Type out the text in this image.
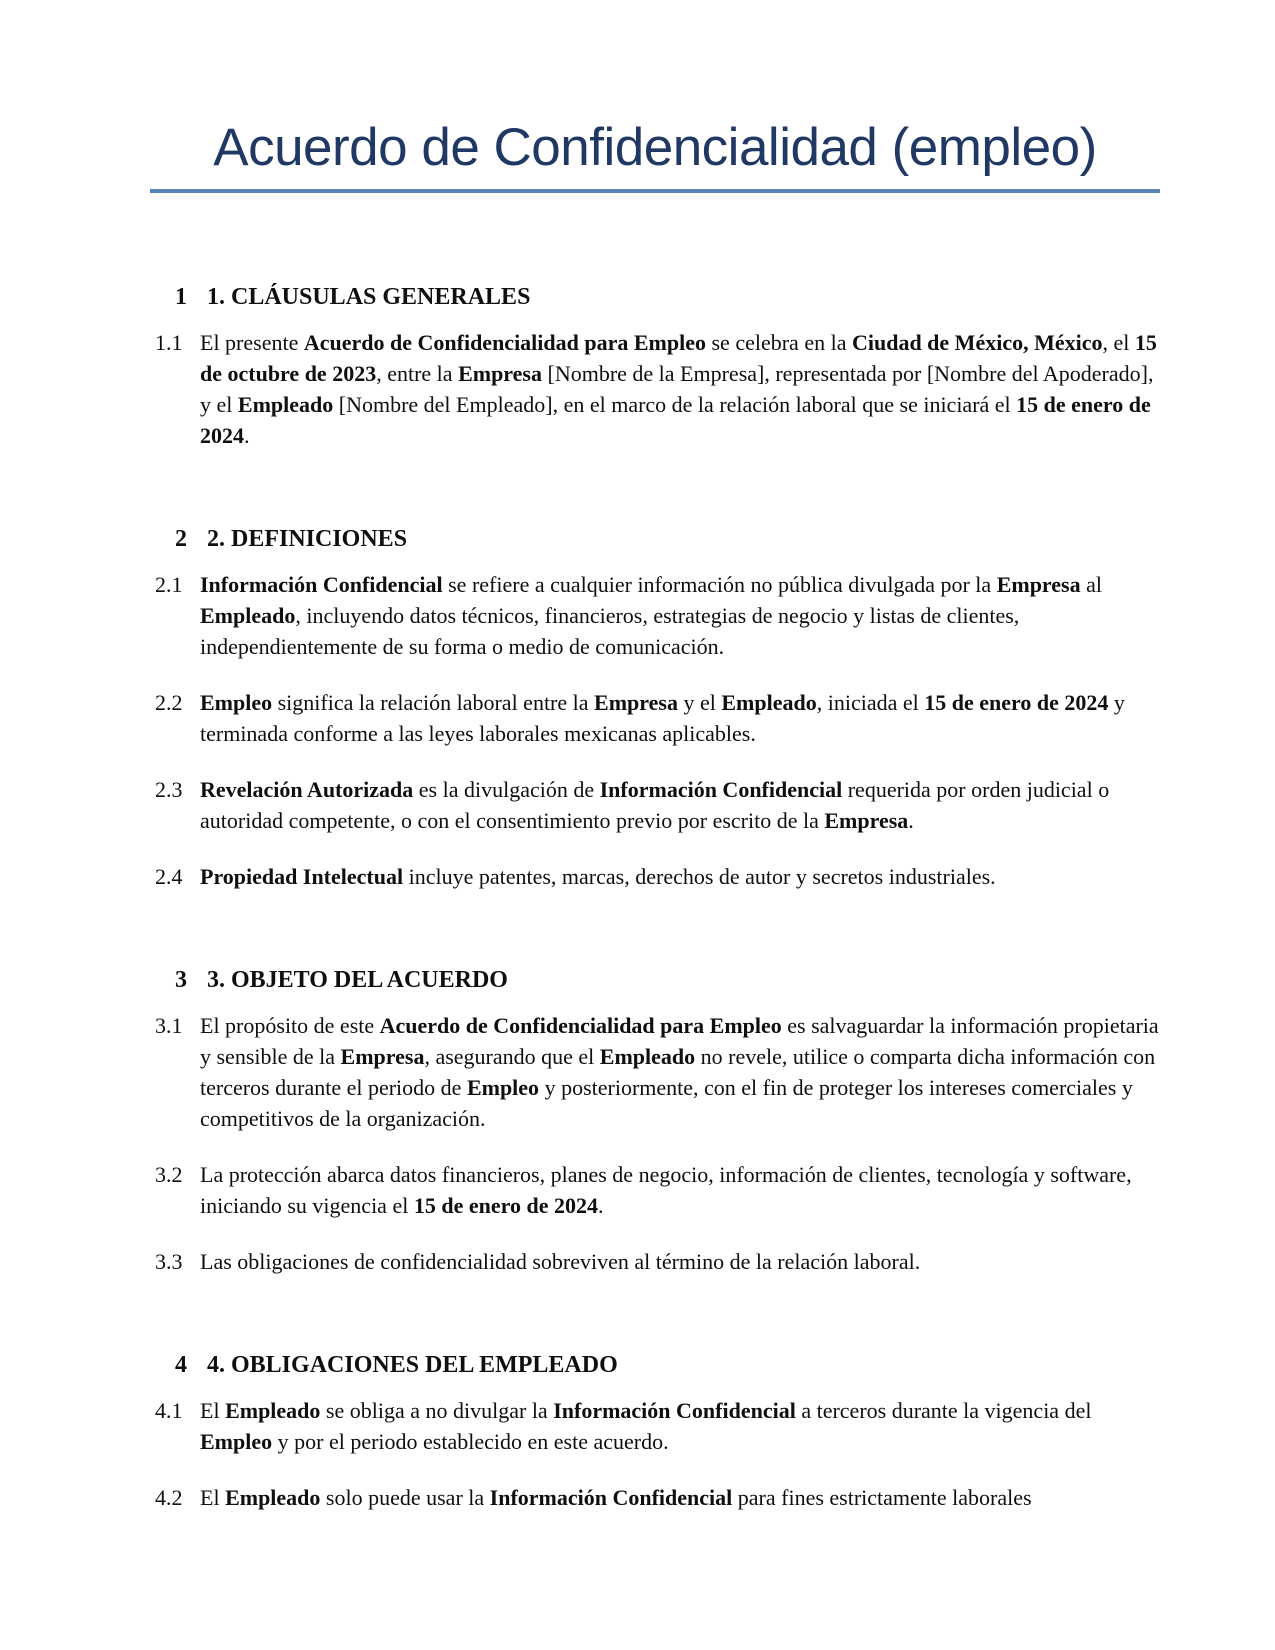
Acuerdo de Confidencialidad (empleo)
1 1. CLÁUSULAS GENERALES
1.1 El presente Acuerdo de Confidencialidad para Empleo se celebra en la Ciudad de México, México, el 15 de octubre de 2023, entre la Empresa [Nombre de la Empresa], representada por [Nombre del Apoderado], y el Empleado [Nombre del Empleado], en el marco de la relación laboral que se iniciará el 15 de enero de 2024.
2 2. DEFINICIONES
2.1 Información Confidencial se refiere a cualquier información no pública divulgada por la Empresa al Empleado, incluyendo datos técnicos, financieros, estrategias de negocio y listas de clientes, independientemente de su forma o medio de comunicación.
2.2 Empleo significa la relación laboral entre la Empresa y el Empleado, iniciada el 15 de enero de 2024 y terminada conforme a las leyes laborales mexicanas aplicables.
2.3 Revelación Autorizada es la divulgación de Información Confidencial requerida por orden judicial o autoridad competente, o con el consentimiento previo por escrito de la Empresa.
2.4 Propiedad Intelectual incluye patentes, marcas, derechos de autor y secretos industriales.
3 3. OBJETO DEL ACUERDO
3.1 El propósito de este Acuerdo de Confidencialidad para Empleo es salvaguardar la información propietaria y sensible de la Empresa, asegurando que el Empleado no revele, utilice o comparta dicha información con terceros durante el periodo de Empleo y posteriormente, con el fin de proteger los intereses comerciales y competitivos de la organización.
3.2 La protección abarca datos financieros, planes de negocio, información de clientes, tecnología y software, iniciando su vigencia el 15 de enero de 2024.
3.3 Las obligaciones de confidencialidad sobreviven al término de la relación laboral.
4 4. OBLIGACIONES DEL EMPLEADO
4.1 El Empleado se obliga a no divulgar la Información Confidencial a terceros durante la vigencia del Empleo y por el periodo establecido en este acuerdo.
4.2 El Empleado solo puede usar la Información Confidencial para fines estrictamente laborales
